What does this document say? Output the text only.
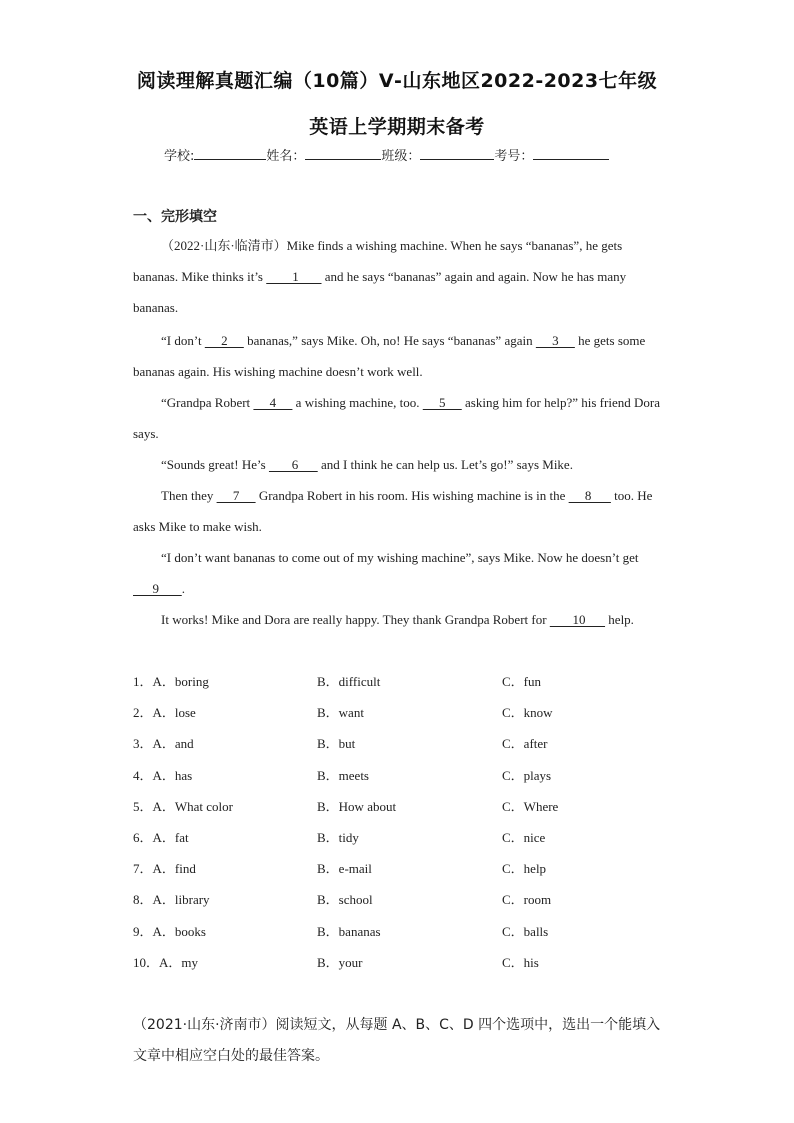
阅读理解真题汇编（10篇）Ⅴ-山东地区2022-2023七年级
英语上学期期末备考
学校:	姓名：	班级：	考号：
一、完形填空

（2022·山东·临清市）Mike finds a wishing machine. When he says “bananas”, he gets bananas. Mike thinks it’s         1        and he says “bananas” again and again. Now he has many bananas.

“I don’t      2      bananas,” says Mike. Oh, no! He says “bananas” again      3      he gets some bananas again. His wishing machine doesn’t work well.

“Grandpa Robert      4      a wishing machine, too.      5      asking him for help?” his friend Dora says.

“Sounds great! He’s        6       and I think he can help us. Let’s go!” says Mike.

Then they      7      Grandpa Robert in his room. His wishing machine is in the      8       too. He asks Mike to make wish.

“I don’t want bananas to come out of my wishing machine”, says Mike. Now he doesn’t get       9       .

It works! Mike and Dora are really happy. They thank Grandpa Robert for        10       help.

1．A．boring	B．difficult	C．fun
2．A．lose	B．want	C．know
3．A．and	B．but	C．after
4．A．has	B．meets	C．plays
5．A．What color	B．How about	C．Where
6．A．fat	B．tidy	C．nice
7．A．find	B．e-mail	C．help
8．A．library	B．school	C．room
9．A．books	B．bananas	C．balls
10．A．my	B．your	C．his
（2021·山东·济南市）阅读短文，从每题 A、B、C、D 四个选项中，选出一个能填入文章中相应空白处的最佳答案。
